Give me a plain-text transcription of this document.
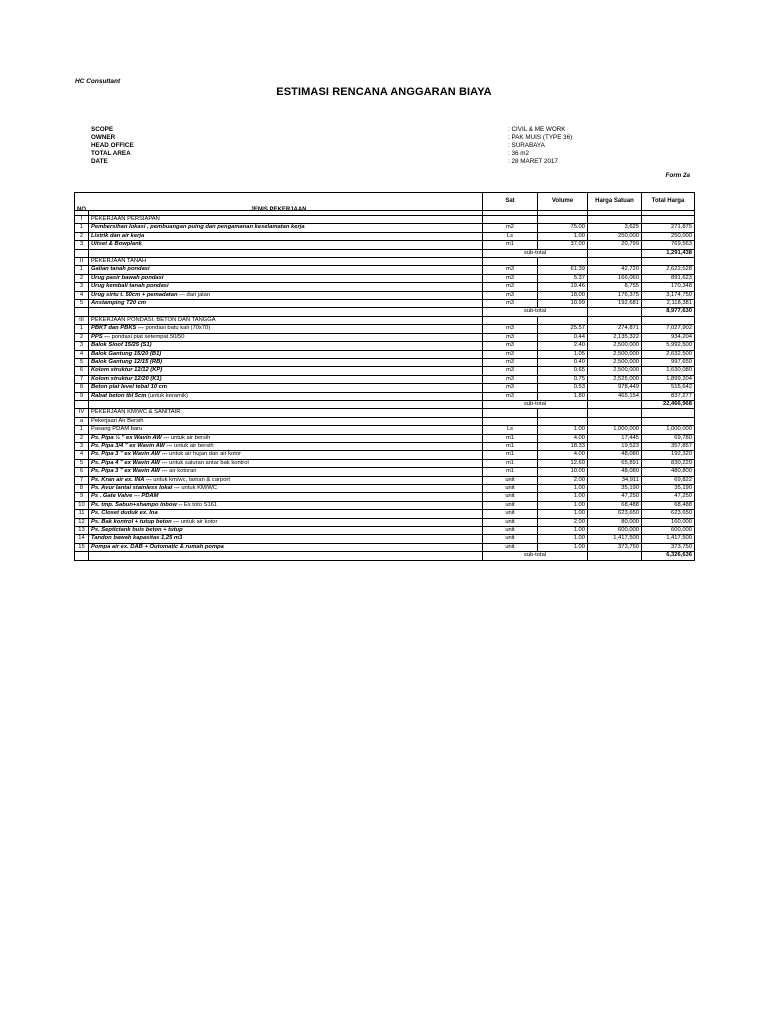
HC Consultant
ESTIMASI RENCANA ANGGARAN BIAYA
SCOPE	: CIVIL & ME WORK
OWNER	: PAK MUIS (TYPE 36)
HEAD OFFICE	: SURABAYA
TOTAL AREA	: 36 m2
DATE	: 28 MARET 2017
Form 2a
NO. JENIS PEKERJAAN		Sat	Volume	Harga Satuan	Total Harga

I	PEKERJAAN PERSIAPAN				
1	Pembersihan lokasi , pembuangan puing dan pengamanan keselamatan kerja	m2	75.00	3,625	271,875
2	Listrik dan air kerja	Ls	1.00	250,000	250,000
3	Uitset & Bowplank	m1	37.00	20,799	769,563
		sub-total			1,291,438
II	PEKERJAAN TANAH				
1	Galian tanah pondasi	m3	61.39	42,720	2,622,528
2	Urug pasir bawah pondasi	m3	5.37	166,060	891,623
3	Urug kembali tanah pondasi	m3	19.46	8,755	170,348
4	Urug sirtu t. 50cm + pemadatan --- dari jalan	m3	18.00	176,375	3,174,750
5	Anstamping T20 cm	m3	10.99	192,681	2,118,381
		sub-total			8,977,630
III	PEKERJAAN PONDASI, BETON DAN TANGGA				
1	PBKT dan PBKS --- pondasi batu kali (70x70)	m3	25.57	274,871	7,027,902
2	PPS --- pondasi plat setempat 50/50	m3	0.44	2,135,322	934,204
3	Balok Sloof 15/25 (S1)	m3	2.40	2,500,000	5,992,500
4	Balok Gantung 15/20 (B1)	m3	1.05	2,500,000	2,632,500
5	Balok Gantung 12/15 (RB)	m3	0.40	2,500,000	997,650
6	Kolom struktur 12/12 (KP)	m3	0.65	2,500,000	1,630,080
7	Kolom struktur 12/20 (K1)	m3	0.75	2,525,000	1,899,204
8	Beton plat level tebal 10 cm	m3	0.53	978,449	515,642
9	Rabat beton tbl 5cm (untuk keramik)	m3	1.80	465,154	837,277
		sub-total			22,466,968
IV	PEKERJAAN KM/WC & SANITAIR				
a	Pekerjaan Air Bersih				
1	Pasang PDAM baru	Ls	1.00	1,000,000	1,000,000
2	Ps. Pipa ½ " ex Wavin AW --- untuk air bersih	m1	4.00	17,445	69,780
3	Ps. Pipa 3/4 " ex Wavin AW --- untuk air bersih	m1	18.33	19,523	357,857
4	Ps. Pipa 3 " ex Wavin AW --- untuk air hujan dan air kotor	m1	4.00	48,080	192,320
5	Ps. Pipa 4 " ex Wavin AW --- untuk saluran antar bak kontrol	m1	12.60	65,891	830,229
6	Ps. Pipa 3 " ex Wavin AW --- air kotoran	m1	10.00	48,080	480,800
7	Ps. Kran air ex. INA --- untuk km/wc, taman & carport	unit	2.00	34,911	69,822
8	Ps. Avur lantai stainless lokal --- untuk KM/WC	unit	1.00	35,190	35,190
9	Ps . Gate Valve --- PDAM	unit	1.00	47,250	47,250
10	Ps. tmp. Sabun+shampo inbow -- Ex toto S161	unit	1.00	68,488	68,488
11	Ps. Closet duduk ex. Ina	unit	1.00	623,650	623,650
12	Ps. Bak kontrol + tutup beton --- untuk air kotor	unit	2.00	80,000	160,000
13	Ps. Septictank buis beton + tutup	unit	1.00	600,000	600,000
14	Tandon bawah kapasitas 1,25 m3	unit	1.00	1,417,500	1,417,500
15	Pompa air ex. DAB + Outomatic & rumah pompa	unit	1.00	373,750	373,750
		sub-total			6,326,636
